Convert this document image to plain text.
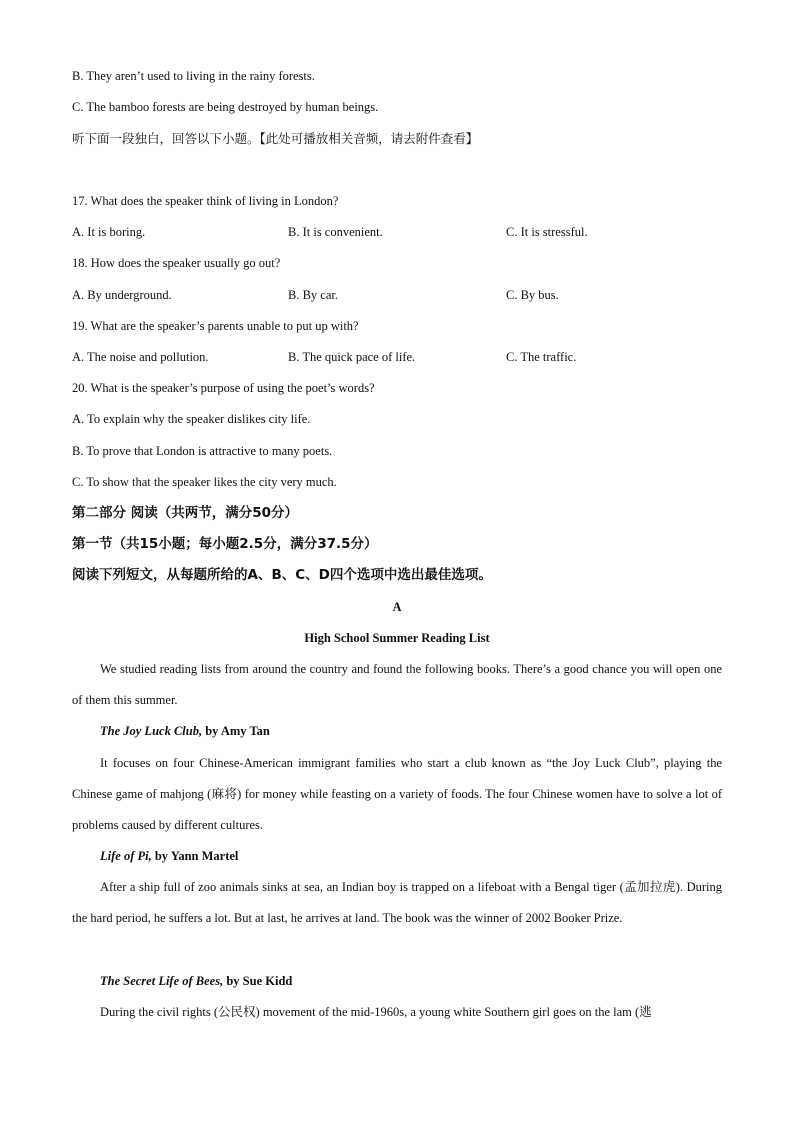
B. They aren’t used to living in the rainy forests.
C. The bamboo forests are being destroyed by human beings.
听下面一段独白，回答以下小题。【此处可播放相关音频，请去附件查看】
17. What does the speaker think of living in London?
A. It is boring.	B. It is convenient.	C. It is stressful.
18. How does the speaker usually go out?
A. By underground.	B. By car.	C. By bus.
19. What are the speaker’s parents unable to put up with?
A. The noise and pollution.	B. The quick pace of life.	C. The traffic.
20. What is the speaker’s purpose of using the poet’s words?
A. To explain why the speaker dislikes city life.
B. To prove that London is attractive to many poets.
C. To show that the speaker likes the city very much.
第二部分 阅读（共两节，满分50分）
第一节（共15小题；每小题2.5分，满分37.5分）
阅读下列短文，从每题所给的A、B、C、D四个选项中选出最佳选项。
A
High School Summer Reading List
We studied reading lists from around the country and found the following books. There’s a good chance you will open one of them this summer.
The Joy Luck Club, by Amy Tan
It focuses on four Chinese-American immigrant families who start a club known as “the Joy Luck Club”, playing the Chinese game of mahjong (麻将) for money while feasting on a variety of foods. The four Chinese women have to solve a lot of problems caused by different cultures.
Life of Pi, by Yann Martel
After a ship full of zoo animals sinks at sea, an Indian boy is trapped on a lifeboat with a Bengal tiger (孟加拉虎). During the hard period, he suffers a lot. But at last, he arrives at land. The book was the winner of 2002 Booker Prize.
The Secret Life of Bees, by Sue Kidd
During the civil rights (公民权) movement of the mid-1960s, a young white Southern girl goes on the lam (逃
